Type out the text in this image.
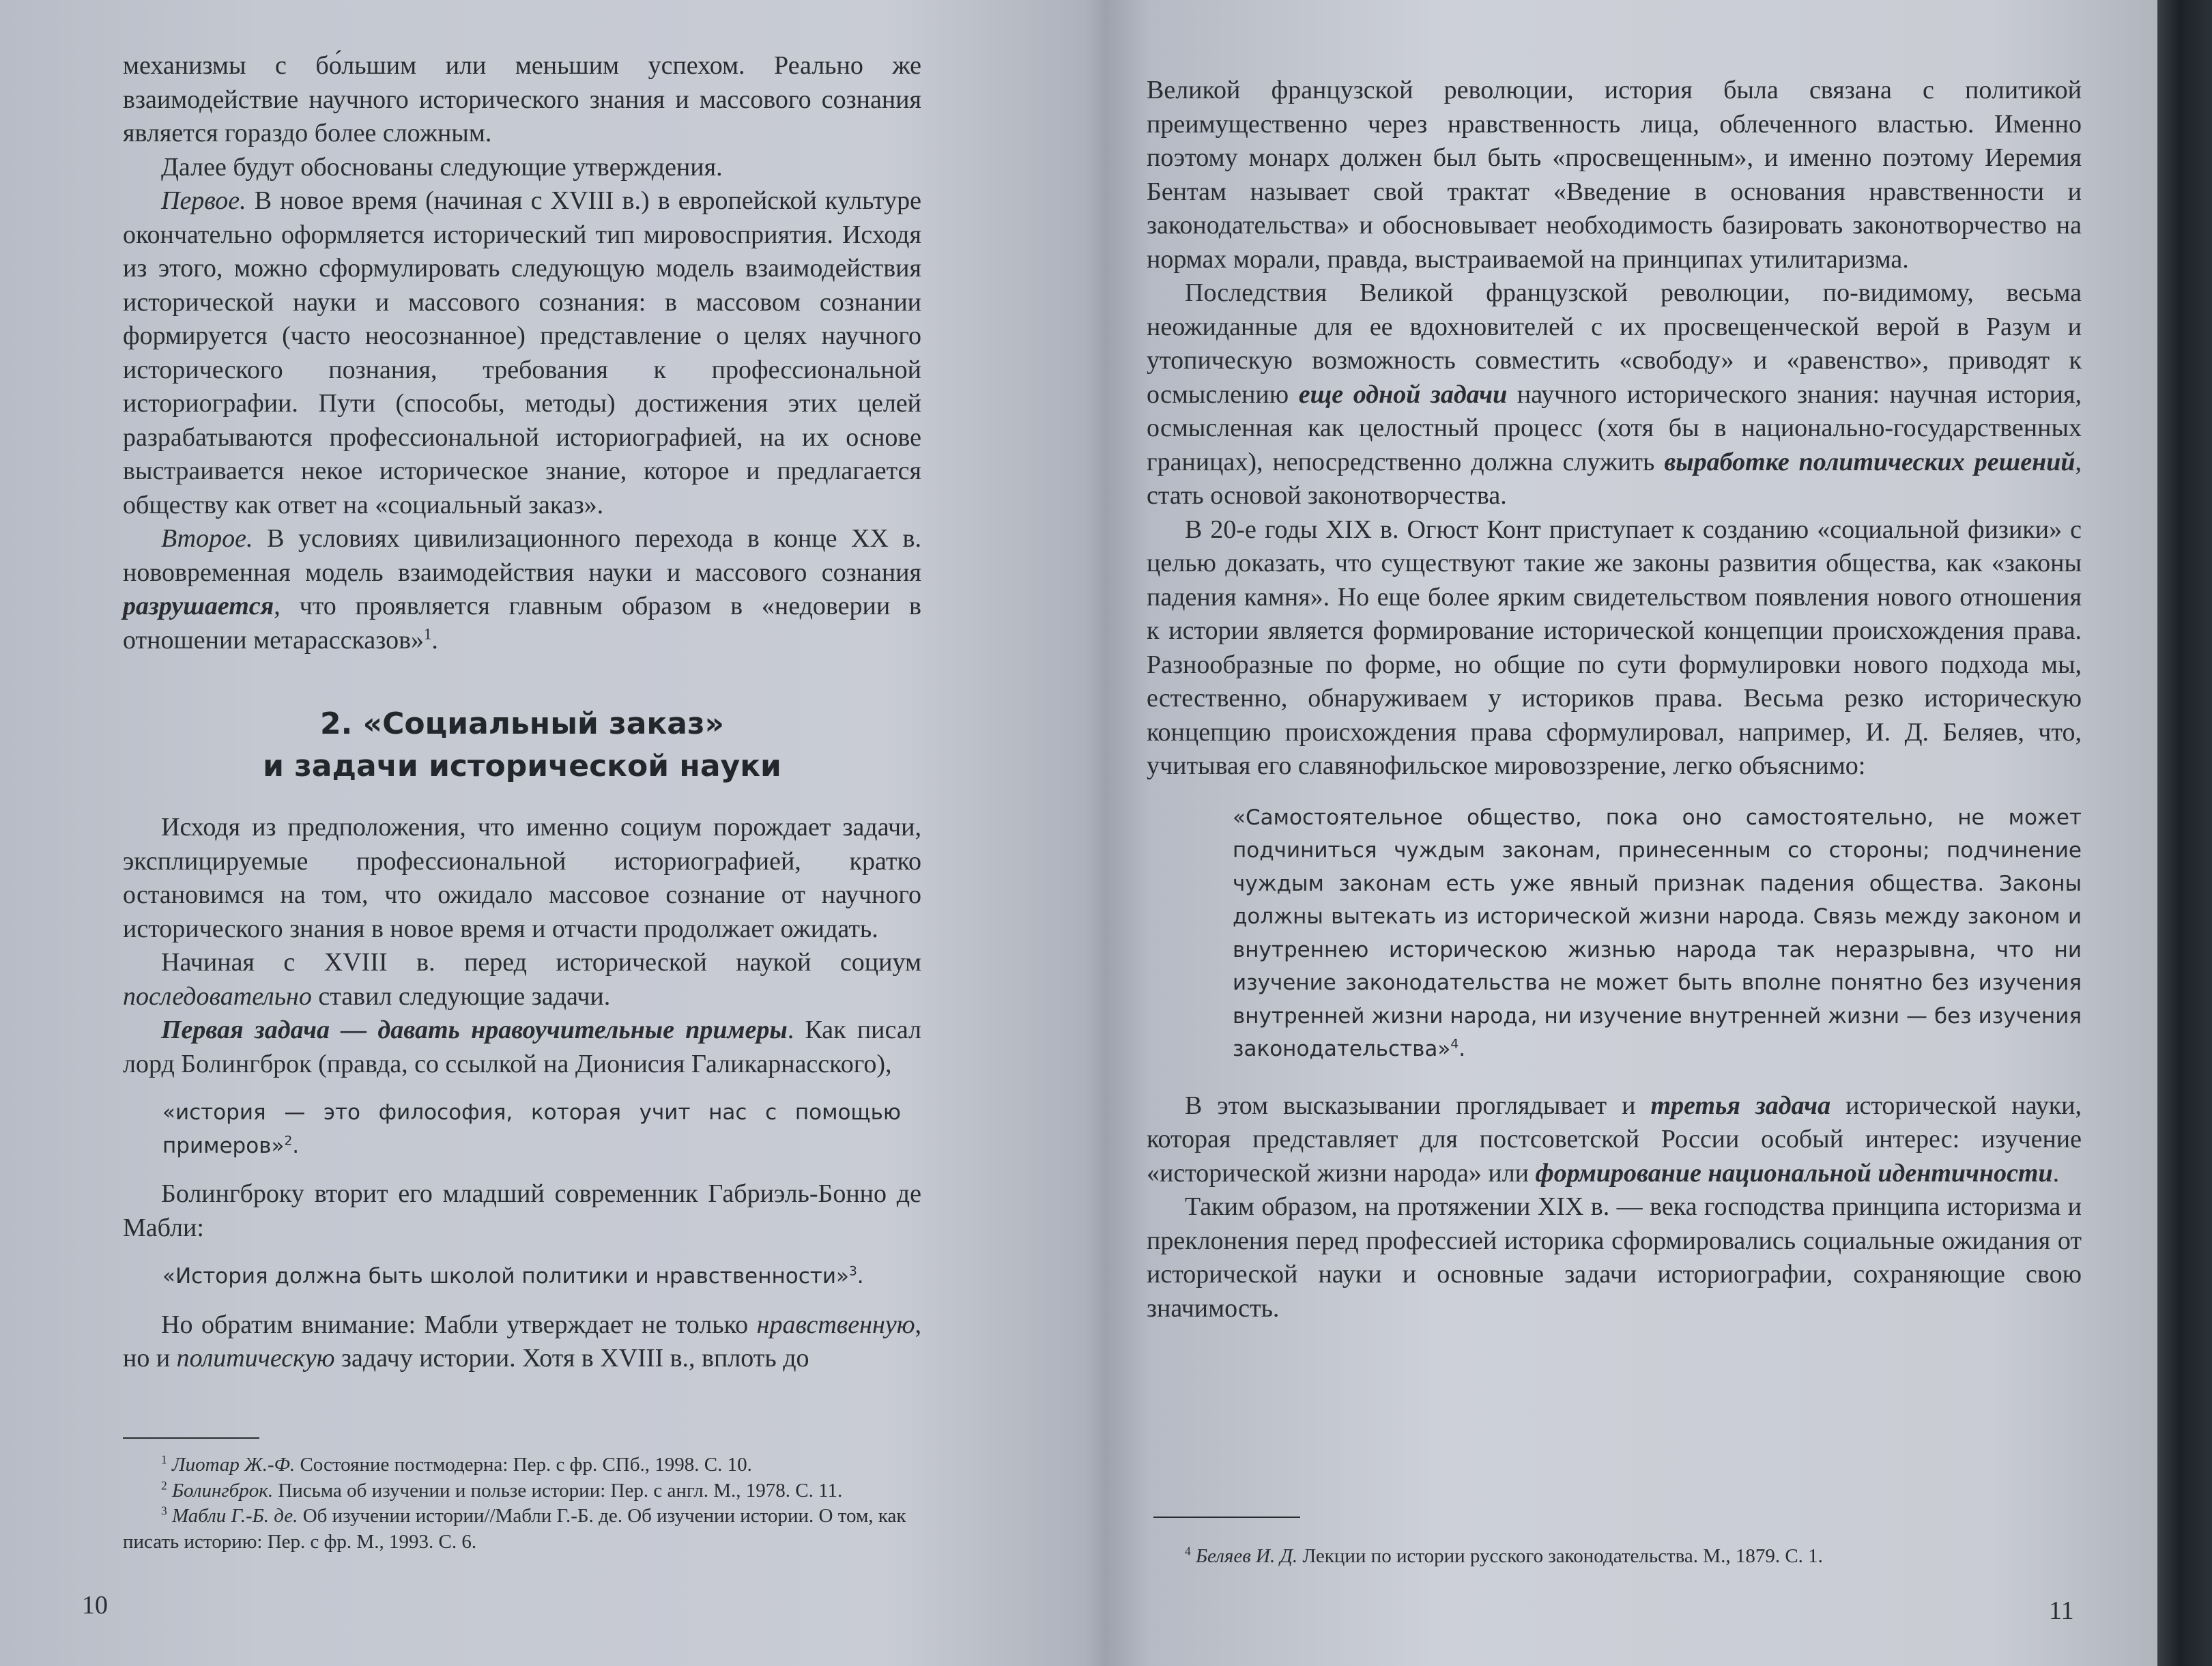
механизмы с бо́льшим или меньшим успехом. Реально же взаимодействие научного исторического знания и массового сознания является гораздо более сложным.

Далее будут обоснованы следующие утверждения.

Первое. В новое время (начиная с XVIII в.) в европейской культуре окончательно оформляется исторический тип мировосприятия. Исходя из этого, можно сформулировать следующую модель взаимодействия исторической науки и массового сознания: в массовом сознании формируется (часто неосознанное) представление о целях научного исторического познания, требования к профессиональной историографии. Пути (способы, методы) достижения этих целей разрабатываются профессиональной историографией, на их основе выстраивается некое историческое знание, которое и предлагается обществу как ответ на «социальный заказ».

Второе. В условиях цивилизационного перехода в конце XX в. нововременная модель взаимодействия науки и массового сознания разрушается, что проявляется главным образом в «недоверии в отношении метарассказов»$^1$.

2. «Социальный заказ»
и задачи исторической науки

Исходя из предположения, что именно социум порождает задачи, эксплицируемые профессиональной историографией, кратко остановимся на том, что ожидало массовое сознание от научного исторического знания в новое время и отчасти продолжает ожидать.

Начиная с XVIII в. перед исторической наукой социум последовательно ставил следующие задачи.

Первая задача — давать нравоучительные примеры. Как писал лорд Болингброк (правда, со ссылкой на Дионисия Галикарнасского),

«история — это философия, которая учит нас с помощью примеров»$^2$.

Болингброку вторит его младший современник Габриэль-Бонно де Мабли:

«История должна быть школой политики и нравственности»$^3$.

Но обратим внимание: Мабли утверждает не только нравственную, но и политическую задачу истории. Хотя в XVIII в., вплоть до

$^1$ Лиотар Ж.-Ф. Состояние постмодерна: Пер. с фр. СПб., 1998. С. 10.

$^2$ Болингброк. Письма об изучении и пользе истории: Пер. с англ. М., 1978. С. 11.

$^3$ Мабли Г.-Б. де. Об изучении истории//Мабли Г.-Б. де. Об изучении истории. О том, как писать историю: Пер. с фр. М., 1993. С. 6.

10

Великой французской революции, история была связана с политикой преимущественно через нравственность лица, облеченного властью. Именно поэтому монарх должен был быть «просвещенным», и именно поэтому Иеремия Бентам называет свой трактат «Введение в основания нравственности и законодательства» и обосновывает необходимость базировать законотворчество на нормах морали, правда, выстраиваемой на принципах утилитаризма.

Последствия Великой французской революции, по-видимому, весьма неожиданные для ее вдохновителей с их просвещенческой верой в Разум и утопическую возможность совместить «свободу» и «равенство», приводят к осмыслению еще одной задачи научного исторического знания: научная история, осмысленная как целостный процесс (хотя бы в национально-государственных границах), непосредственно должна служить выработке политических решений, стать основой законотворчества.

В 20-е годы XIX в. Огюст Конт приступает к созданию «социальной физики» с целью доказать, что существуют такие же законы развития общества, как «законы падения камня». Но еще более ярким свидетельством появления нового отношения к истории является формирование исторической концепции происхождения права. Разнообразные по форме, но общие по сути формулировки нового подхода мы, естественно, обнаруживаем у историков права. Весьма резко историческую концепцию происхождения права сформулировал, например, И. Д. Беляев, что, учитывая его славянофильское мировоззрение, легко объяснимо:

«Самостоятельное общество, пока оно самостоятельно, не может подчиниться чуждым законам, принесенным со стороны; подчинение чуждым законам есть уже явный признак падения общества. Законы должны вытекать из исторической жизни народа. Связь между законом и внутреннею историческою жизнью народа так неразрывна, что ни изучение законодательства не может быть вполне понятно без изучения внутренней жизни народа, ни изучение внутренней жизни — без изучения законодательства»$^4$.

В этом высказывании проглядывает и третья задача исторической науки, которая представляет для постсоветской России особый интерес: изучение «исторической жизни народа» или формирование национальной идентичности.

Таким образом, на протяжении XIX в. — века господства принципа историзма и преклонения перед профессией историка сформировались социальные ожидания от исторической науки и основные задачи историографии, сохраняющие свою значимость.

$^4$ Беляев И. Д. Лекции по истории русского законодательства. М., 1879. С. 1.

11
